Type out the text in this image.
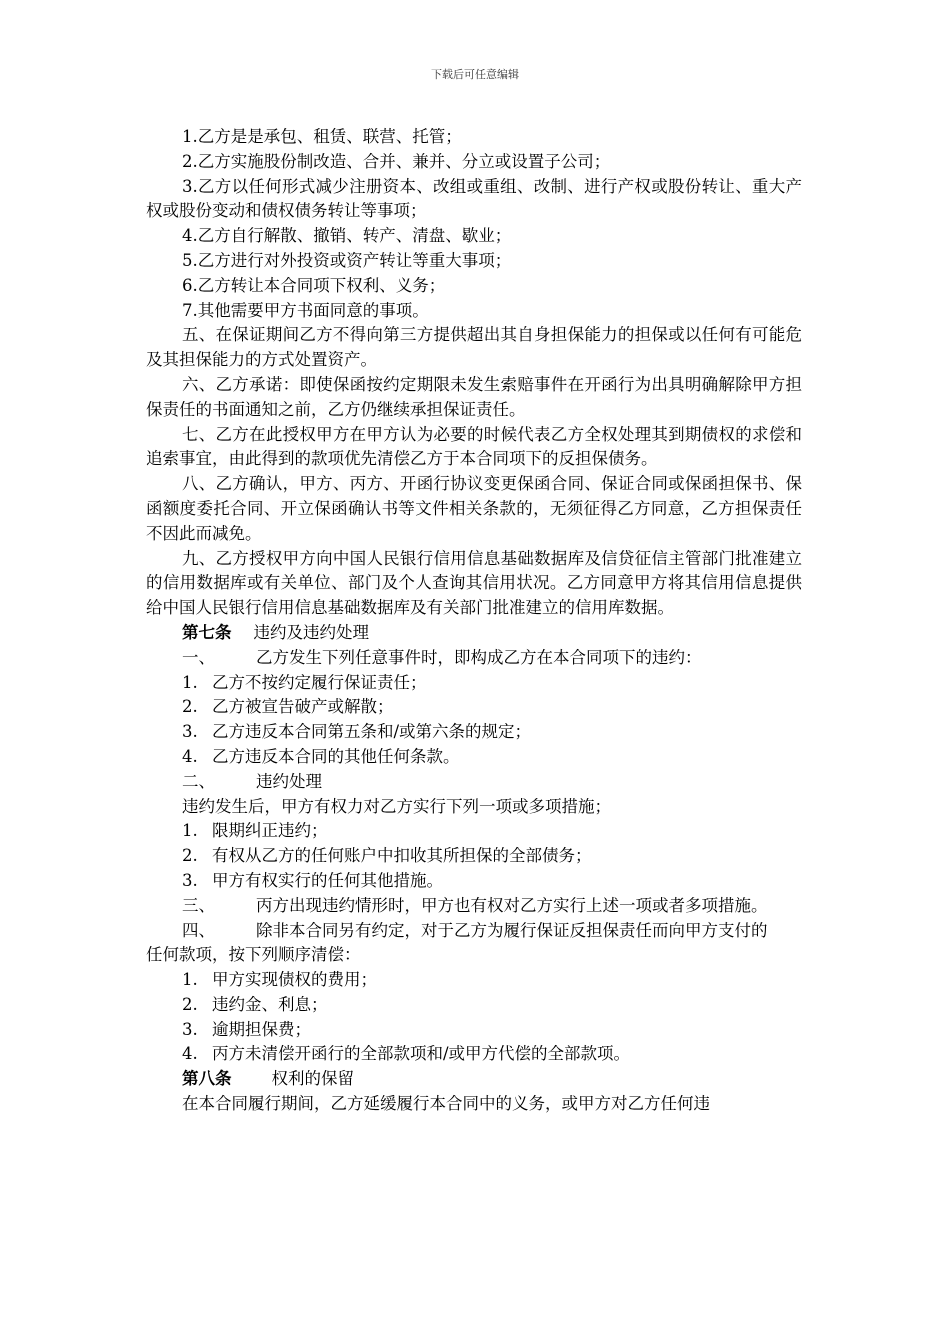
下载后可任意编辑

1.乙方是是承包、租赁、联营、托管；

2.乙方实施股份制改造、合并、兼并、分立或设置子公司；

3.乙方以任何形式减少注册资本、改组或重组、改制、进行产权或股份转让、重大产权或股份变动和债权债务转让等事项；

4.乙方自行解散、撤销、转产、清盘、歇业；

5.乙方进行对外投资或资产转让等重大事项；

6.乙方转让本合同项下权利、义务；

7.其他需要甲方书面同意的事项。

五、在保证期间乙方不得向第三方提供超出其自身担保能力的担保或以任何有可能危及其担保能力的方式处置资产。

六、乙方承诺：即使保函按约定期限未发生索赔事件在开函行为出具明确解除甲方担保责任的书面通知之前，乙方仍继续承担保证责任。

七、乙方在此授权甲方在甲方认为必要的时候代表乙方全权处理其到期债权的求偿和追索事宜，由此得到的款项优先清偿乙方于本合同项下的反担保债务。

八、乙方确认，甲方、丙方、开函行协议变更保函合同、保证合同或保函担保书、保函额度委托合同、开立保函确认书等文件相关条款的，无须征得乙方同意，乙方担保责任不因此而减免。

九、乙方授权甲方向中国人民银行信用信息基础数据库及信贷征信主管部门批准建立的信用数据库或有关单位、部门及个人查询其信用状况。乙方同意甲方将其信用信息提供给中国人民银行信用信息基础数据库及有关部门批准建立的信用库数据。

第七条 违约及违约处理

一、 乙方发生下列任意事件时，即构成乙方在本合同项下的违约：

1. 乙方不按约定履行保证责任；

2. 乙方被宣告破产或解散；

3. 乙方违反本合同第五条和/或第六条的规定；

4. 乙方违反本合同的其他任何条款。

二、 违约处理

违约发生后，甲方有权力对乙方实行下列一项或多项措施；

1. 限期纠正违约；

2. 有权从乙方的任何账户中扣收其所担保的全部债务；

3. 甲方有权实行的任何其他措施。

三、 丙方出现违约情形时，甲方也有权对乙方实行上述一项或者多项措施。

四、 除非本合同另有约定，对于乙方为履行保证反担保责任而向甲方支付的

任何款项，按下列顺序清偿：

1. 甲方实现债权的费用；

2. 违约金、利息；

3. 逾期担保费；

4. 丙方未清偿开函行的全部款项和/或甲方代偿的全部款项。

第八条 权利的保留

在本合同履行期间，乙方延缓履行本合同中的义务，或甲方对乙方任何违
